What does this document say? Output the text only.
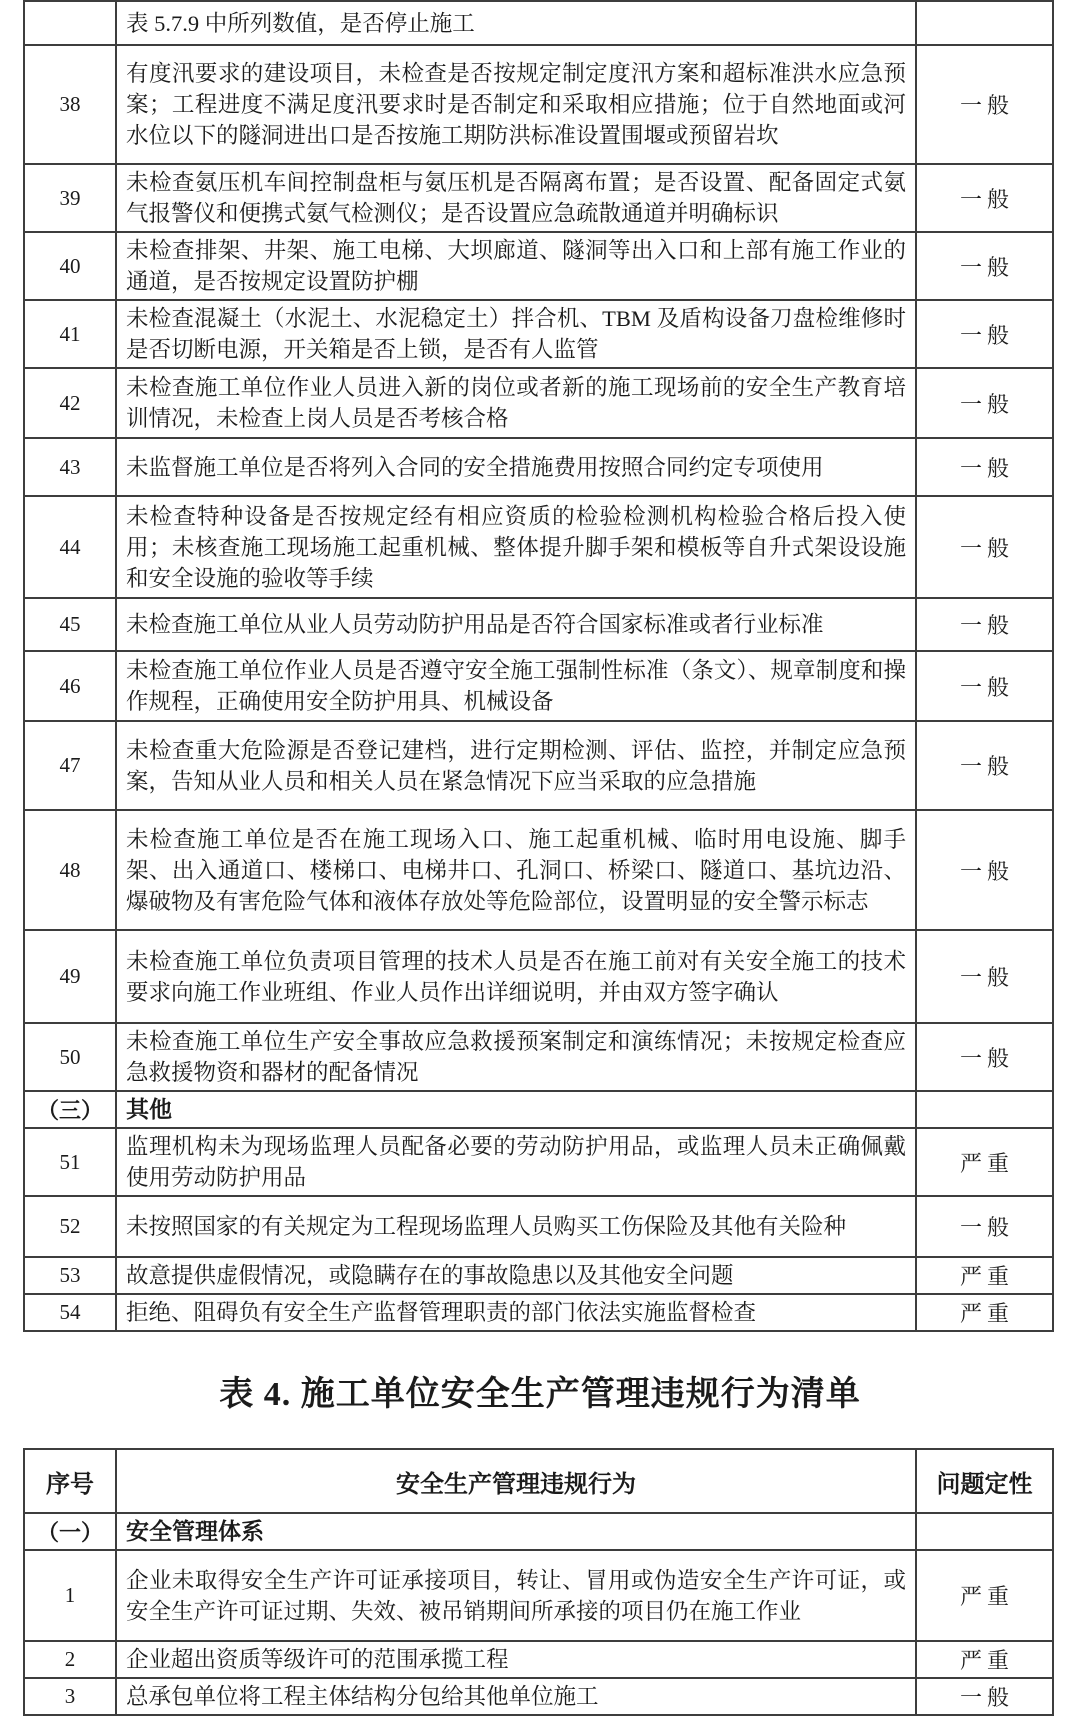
	表 5.7.9 中所列数值，是否停止施工	
38	有度汛要求的建设项目，未检查是否按规定制定度汛方案和超标准洪水应急预案；工程进度不满足度汛要求时是否制定和采取相应措施；位于自然地面或河水位以下的隧洞进出口是否按施工期防洪标准设置围堰或预留岩坎	一般
39	未检查氨压机车间控制盘柜与氨压机是否隔离布置；是否设置、配备固定式氨气报警仪和便携式氨气检测仪；是否设置应急疏散通道并明确标识	一般
40	未检查排架、井架、施工电梯、大坝廊道、隧洞等出入口和上部有施工作业的通道，是否按规定设置防护棚	一般
41	未检查混凝土（水泥土、水泥稳定土）拌合机、TBM 及盾构设备刀盘检维修时是否切断电源，开关箱是否上锁，是否有人监管	一般
42	未检查施工单位作业人员进入新的岗位或者新的施工现场前的安全生产教育培训情况，未检查上岗人员是否考核合格	一般
43	未监督施工单位是否将列入合同的安全措施费用按照合同约定专项使用	一般
44	未检查特种设备是否按规定经有相应资质的检验检测机构检验合格后投入使用；未核查施工现场施工起重机械、整体提升脚手架和模板等自升式架设设施和安全设施的验收等手续	一般
45	未检查施工单位从业人员劳动防护用品是否符合国家标准或者行业标准	一般
46	未检查施工单位作业人员是否遵守安全施工强制性标准（条文）、规章制度和操作规程，正确使用安全防护用具、机械设备	一般
47	未检查重大危险源是否登记建档，进行定期检测、评估、监控，并制定应急预案，告知从业人员和相关人员在紧急情况下应当采取的应急措施	一般
48	未检查施工单位是否在施工现场入口、施工起重机械、临时用电设施、脚手架、出入通道口、楼梯口、电梯井口、孔洞口、桥梁口、隧道口、基坑边沿、爆破物及有害危险气体和液体存放处等危险部位，设置明显的安全警示标志	一般
49	未检查施工单位负责项目管理的技术人员是否在施工前对有关安全施工的技术要求向施工作业班组、作业人员作出详细说明，并由双方签字确认	一般
50	未检查施工单位生产安全事故应急救援预案制定和演练情况；未按规定检查应急救援物资和器材的配备情况	一般
（三）	其他	
51	监理机构未为现场监理人员配备必要的劳动防护用品，或监理人员未正确佩戴使用劳动防护用品	严重
52	未按照国家的有关规定为工程现场监理人员购买工伤保险及其他有关险种	一般
53	故意提供虚假情况，或隐瞒存在的事故隐患以及其他安全问题	严重
54	拒绝、阻碍负有安全生产监督管理职责的部门依法实施监督检查	严重
表 4. 施工单位安全生产管理违规行为清单
序号	安全生产管理违规行为	问题定性
（一）	安全管理体系	
1	企业未取得安全生产许可证承接项目，转让、冒用或伪造安全生产许可证，或安全生产许可证过期、失效、被吊销期间所承接的项目仍在施工作业	严重
2	企业超出资质等级许可的范围承揽工程	严重
3	总承包单位将工程主体结构分包给其他单位施工	一般
